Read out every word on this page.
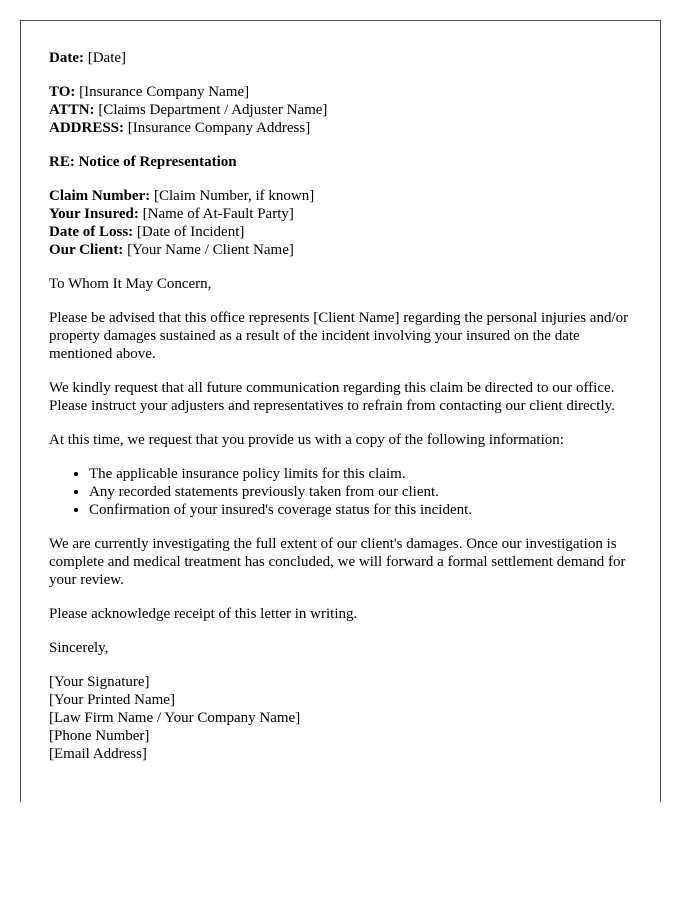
Date: [Date]
TO: [Insurance Company Name]
ATTN: [Claims Department / Adjuster Name]
ADDRESS: [Insurance Company Address]
RE: Notice of Representation
Claim Number: [Claim Number, if known]
Your Insured: [Name of At-Fault Party]
Date of Loss: [Date of Incident]
Our Client: [Your Name / Client Name]

To Whom It May Concern,

Please be advised that this office represents [Client Name] regarding the personal injuries and/or property damages sustained as a result of the incident involving your insured on the date mentioned above.

We kindly request that all future communication regarding this claim be directed to our office. Please instruct your adjusters and representatives to refrain from contacting our client directly.

At this time, we request that you provide us with a copy of the following information:

• The applicable insurance policy limits for this claim.
• Any recorded statements previously taken from our client.
• Confirmation of your insured's coverage status for this incident.

We are currently investigating the full extent of our client's damages. Once our investigation is complete and medical treatment has concluded, we will forward a formal settlement demand for your review.

Please acknowledge receipt of this letter in writing.

Sincerely,

[Your Signature]
[Your Printed Name]
[Law Firm Name / Your Company Name]
[Phone Number]
[Email Address]
